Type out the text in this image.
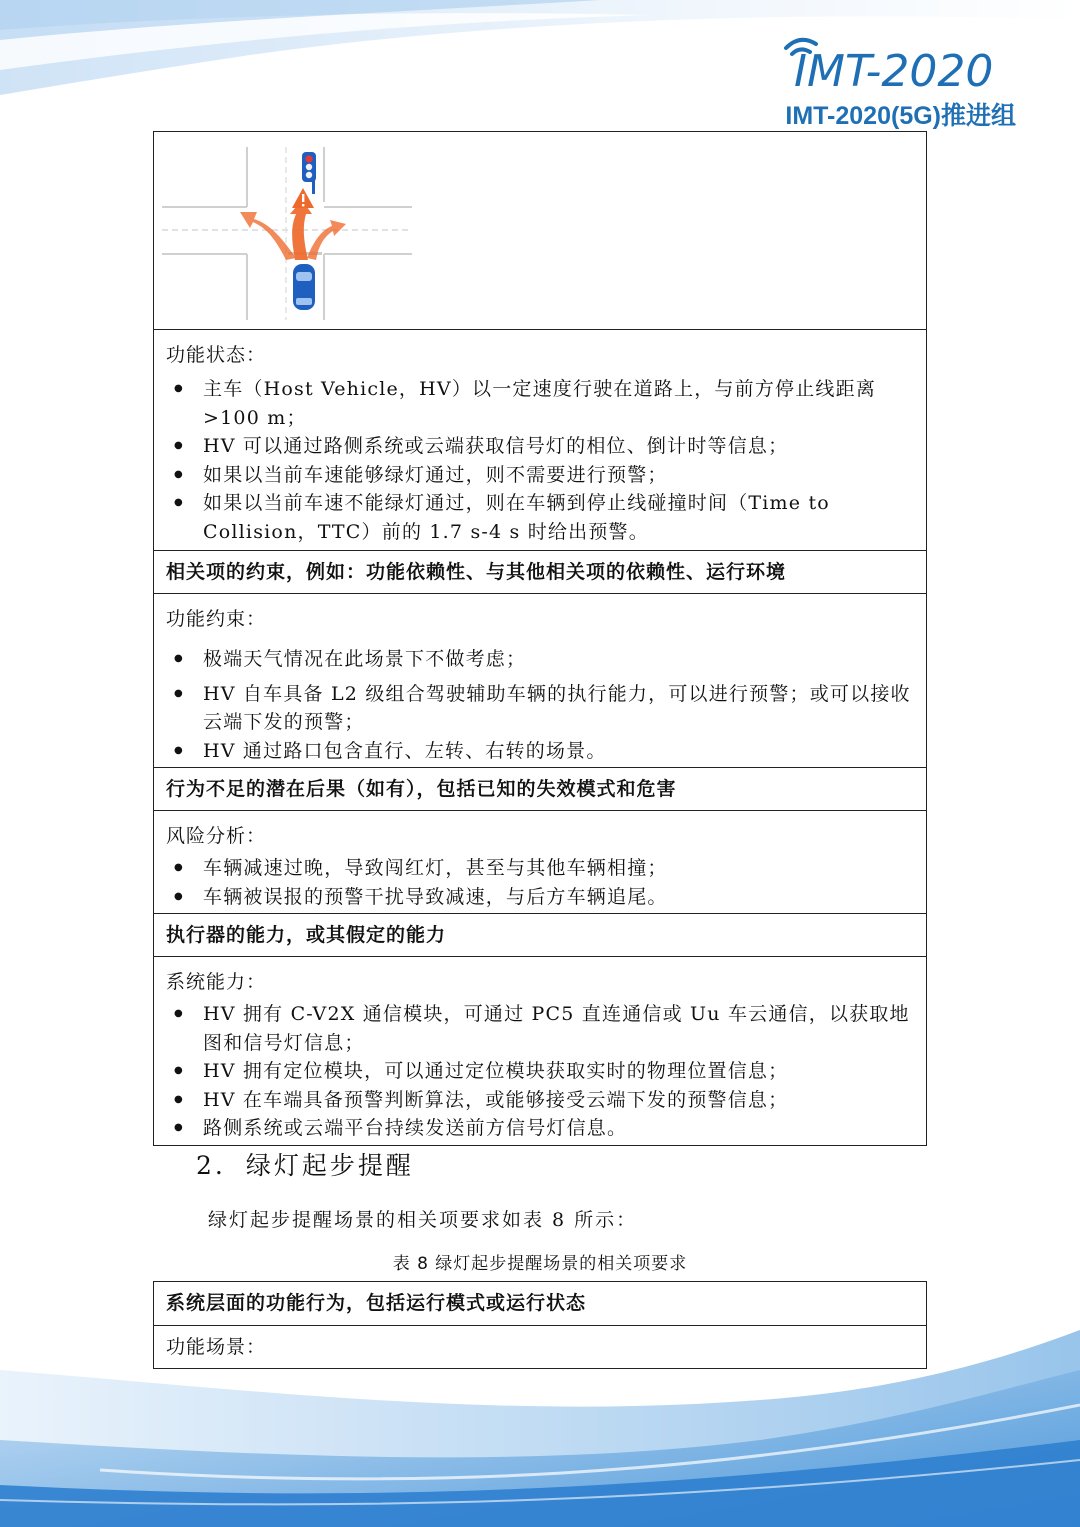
IMT-2020
IMT-2020(5G)推进组
功能状态：
● 主车（Host Vehicle，HV）以一定速度行驶在道路上，与前方停止线距离>100 m；
● HV 可以通过路侧系统或云端获取信号灯的相位、倒计时等信息；
● 如果以当前车速能够绿灯通过，则不需要进行预警；
● 如果以当前车速不能绿灯通过，则在车辆到停止线碰撞时间（Time to Collision，TTC）前的 1.7 s-4 s 时给出预警。
相关项的约束，例如：功能依赖性、与其他相关项的依赖性、运行环境
功能约束：
● 极端天气情况在此场景下不做考虑；
● HV 自车具备 L2 级组合驾驶辅助车辆的执行能力，可以进行预警；或可以接收云端下发的预警；
● HV 通过路口包含直行、左转、右转的场景。
行为不足的潜在后果（如有），包括已知的失效模式和危害
风险分析：
● 车辆减速过晚，导致闯红灯，甚至与其他车辆相撞；
● 车辆被误报的预警干扰导致减速，与后方车辆追尾。
执行器的能力，或其假定的能力
系统能力：
● HV 拥有 C-V2X 通信模块，可通过 PC5 直连通信或 Uu 车云通信，以获取地图和信号灯信息；
● HV 拥有定位模块，可以通过定位模块获取实时的物理位置信息；
● HV 在车端具备预警判断算法，或能够接受云端下发的预警信息；
● 路侧系统或云端平台持续发送前方信号灯信息。
2. 绿灯起步提醒
绿灯起步提醒场景的相关项要求如表 8 所示：
表 8 绿灯起步提醒场景的相关项要求
系统层面的功能行为，包括运行模式或运行状态
功能场景：
